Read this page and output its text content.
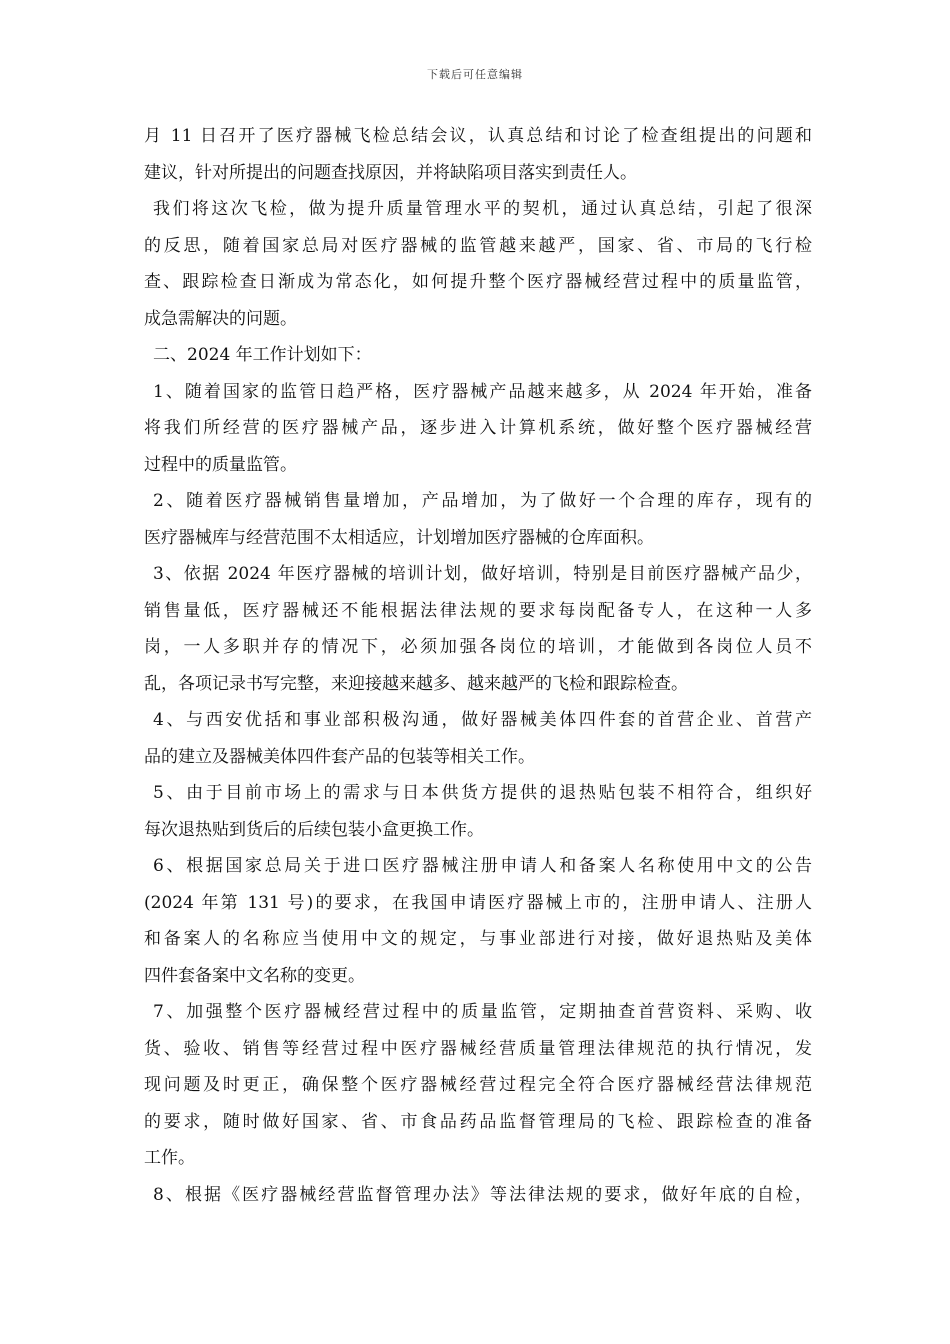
下载后可任意编辑
月 11 日召开了医疗器械飞检总结会议，认真总结和讨论了检查组提出的问题和
建议，针对所提出的问题查找原因，并将缺陷项目落实到责任人。
我们将这次飞检，做为提升质量管理水平的契机，通过认真总结，引起了很深
的反思，随着国家总局对医疗器械的监管越来越严，国家、省、市局的飞行检
查、跟踪检查日渐成为常态化，如何提升整个医疗器械经营过程中的质量监管，
成急需解决的问题。
二、2024 年工作计划如下：
1、随着国家的监管日趋严格，医疗器械产品越来越多，从 2024 年开始，准备
将我们所经营的医疗器械产品，逐步进入计算机系统，做好整个医疗器械经营
过程中的质量监管。
2、随着医疗器械销售量增加，产品增加，为了做好一个合理的库存，现有的
医疗器械库与经营范围不太相适应，计划增加医疗器械的仓库面积。
3、依据 2024 年医疗器械的培训计划，做好培训，特别是目前医疗器械产品少，
销售量低，医疗器械还不能根据法律法规的要求每岗配备专人，在这种一人多
岗，一人多职并存的情况下，必须加强各岗位的培训，才能做到各岗位人员不
乱，各项记录书写完整，来迎接越来越多、越来越严的飞检和跟踪检查。
4、与西安优括和事业部积极沟通，做好器械美体四件套的首营企业、首营产
品的建立及器械美体四件套产品的包装等相关工作。
5、由于目前市场上的需求与日本供货方提供的退热贴包装不相符合，组织好
每次退热贴到货后的后续包装小盒更换工作。
6、根据国家总局关于进口医疗器械注册申请人和备案人名称使用中文的公告
(2024 年第 131 号)的要求，在我国申请医疗器械上市的，注册申请人、注册人
和备案人的名称应当使用中文的规定，与事业部进行对接，做好退热贴及美体
四件套备案中文名称的变更。
7、加强整个医疗器械经营过程中的质量监管，定期抽查首营资料、采购、收
货、验收、销售等经营过程中医疗器械经营质量管理法律规范的执行情况，发
现问题及时更正，确保整个医疗器械经营过程完全符合医疗器械经营法律规范
的要求，随时做好国家、省、市食品药品监督管理局的飞检、跟踪检查的准备
工作。
8、根据《医疗器械经营监督管理办法》等法律法规的要求，做好年底的自检，
